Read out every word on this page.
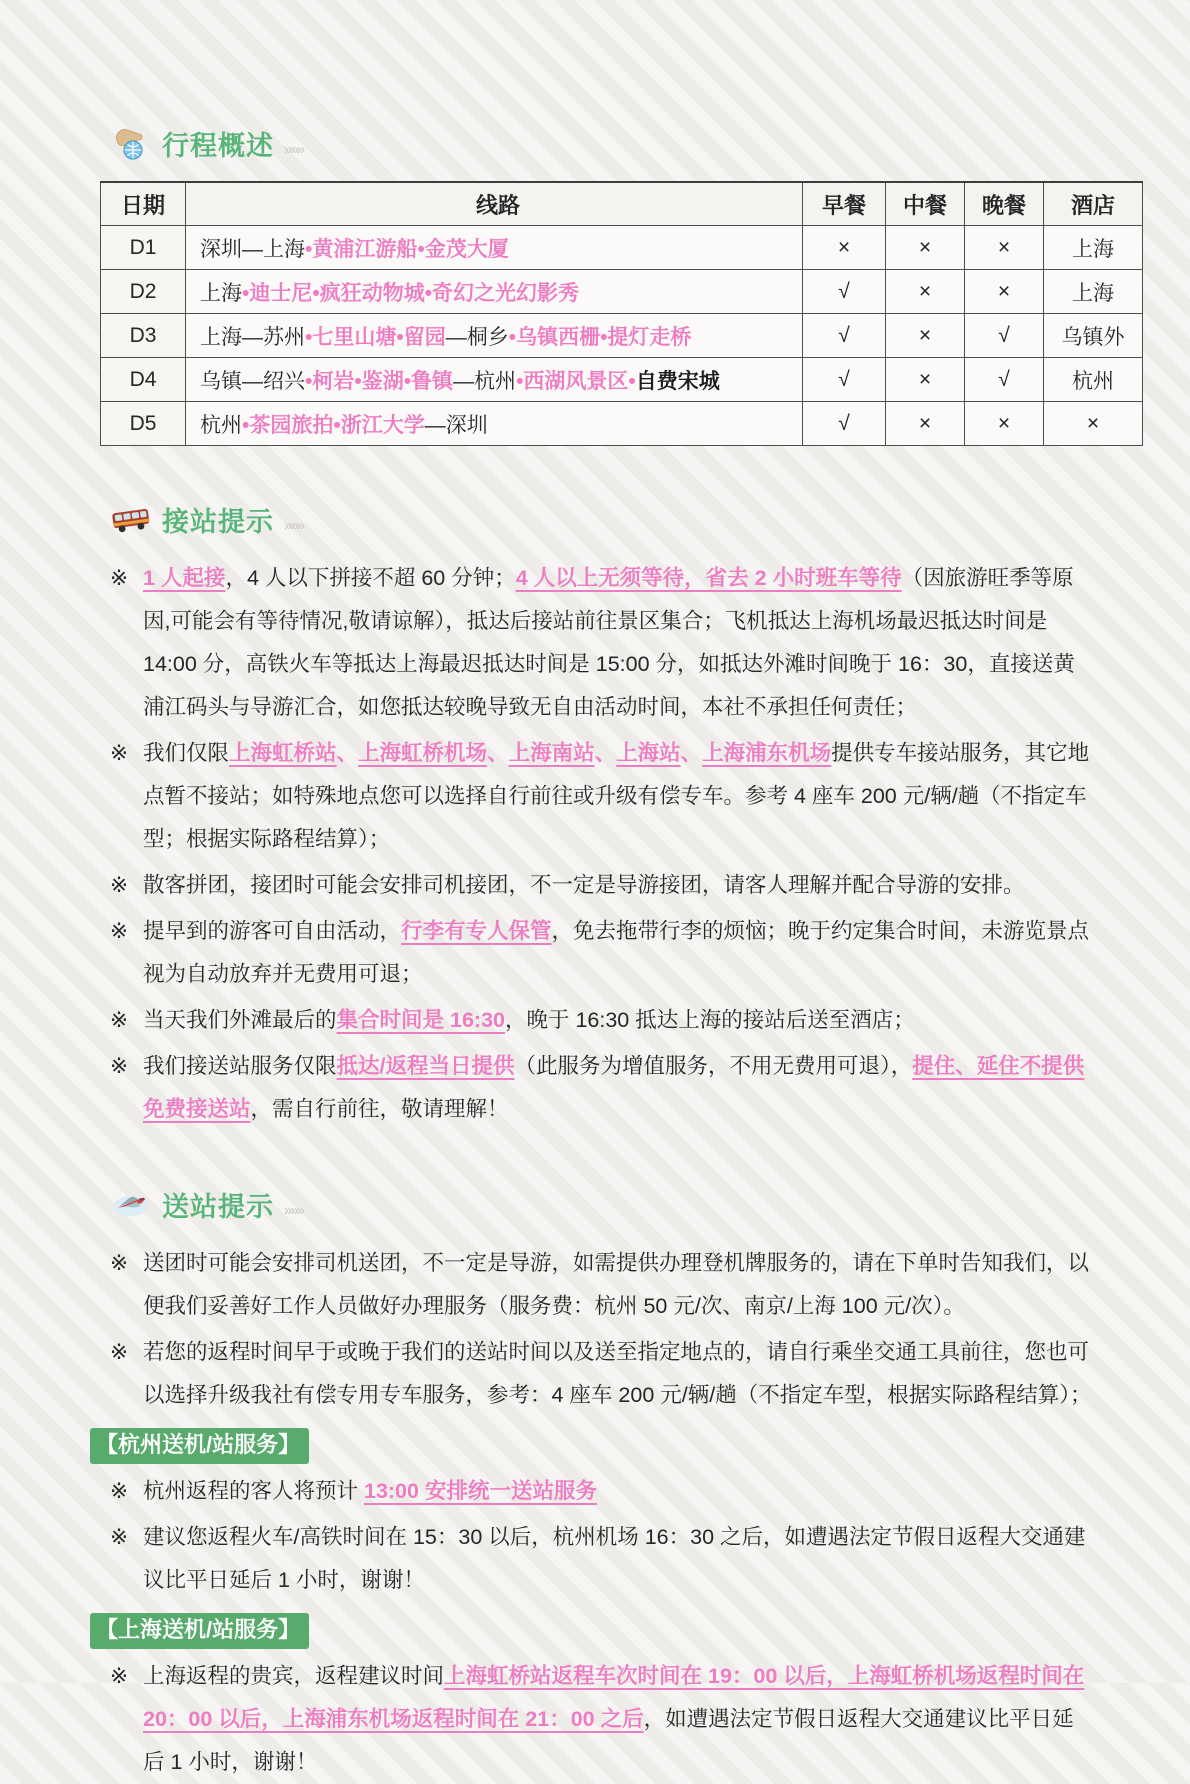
行程概述 »»»
日期	线路	早餐	中餐	晚餐	酒店
D1	深圳—上海•黄浦江游船•金茂大厦	×	×	×	上海
D2	上海•迪士尼•疯狂动物城•奇幻之光幻影秀	√	×	×	上海
D3	上海—苏州•七里山塘•留园—桐乡•乌镇西栅•提灯走桥	√	×	√	乌镇外
D4	乌镇—绍兴•柯岩•鉴湖•鲁镇—杭州•西湖风景区•自费宋城	√	×	√	杭州
D5	杭州•茶园旅拍•浙江大学—深圳	√	×	×	×
接站提示 »»»
※ 1 人起接，4 人以下拼接不超 60 分钟；4 人以上无须等待，省去 2 小时班车等待（因旅游旺季等原因,可能会有等待情况,敬请谅解），抵达后接站前往景区集合；飞机抵达上海机场最迟抵达时间是 14:00 分，高铁火车等抵达上海最迟抵达时间是 15:00 分，如抵达外滩时间晚于 16：30，直接送黄浦江码头与导游汇合，如您抵达较晚导致无自由活动时间，本社不承担任何责任；
※ 我们仅限上海虹桥站、上海虹桥机场、上海南站、上海站、上海浦东机场提供专车接站服务，其它地点暂不接站；如特殊地点您可以选择自行前往或升级有偿专车。参考 4 座车 200 元/辆/趟（不指定车型；根据实际路程结算）；
※ 散客拼团，接团时可能会安排司机接团，不一定是导游接团，请客人理解并配合导游的安排。
※ 提早到的游客可自由活动，行李有专人保管，免去拖带行李的烦恼；晚于约定集合时间，未游览景点视为自动放弃并无费用可退；
※ 当天我们外滩最后的集合时间是 16:30，晚于 16:30 抵达上海的接站后送至酒店；
※ 我们接送站服务仅限抵达/返程当日提供（此服务为增值服务，不用无费用可退），提住、延住不提供免费接送站，需自行前往，敬请理解！
送站提示 »»»
※ 送团时可能会安排司机送团，不一定是导游，如需提供办理登机牌服务的，请在下单时告知我们，以便我们妥善好工作人员做好办理服务（服务费：杭州 50 元/次、南京/上海 100 元/次）。
※ 若您的返程时间早于或晚于我们的送站时间以及送至指定地点的，请自行乘坐交通工具前往，您也可以选择升级我社有偿专用专车服务，参考：4 座车 200 元/辆/趟（不指定车型，根据实际路程结算）；
【杭州送机/站服务】
※ 杭州返程的客人将预计 13:00 安排统一送站服务
※ 建议您返程火车/高铁时间在 15：30 以后，杭州机场 16：30 之后，如遭遇法定节假日返程大交通建议比平日延后 1 小时，谢谢！
【上海送机/站服务】
※ 上海返程的贵宾，返程建议时间上海虹桥站返程车次时间在 19：00 以后，上海虹桥机场返程时间在 20：00 以后，上海浦东机场返程时间在 21：00 之后，如遭遇法定节假日返程大交通建议比平日延后 1 小时，谢谢！
